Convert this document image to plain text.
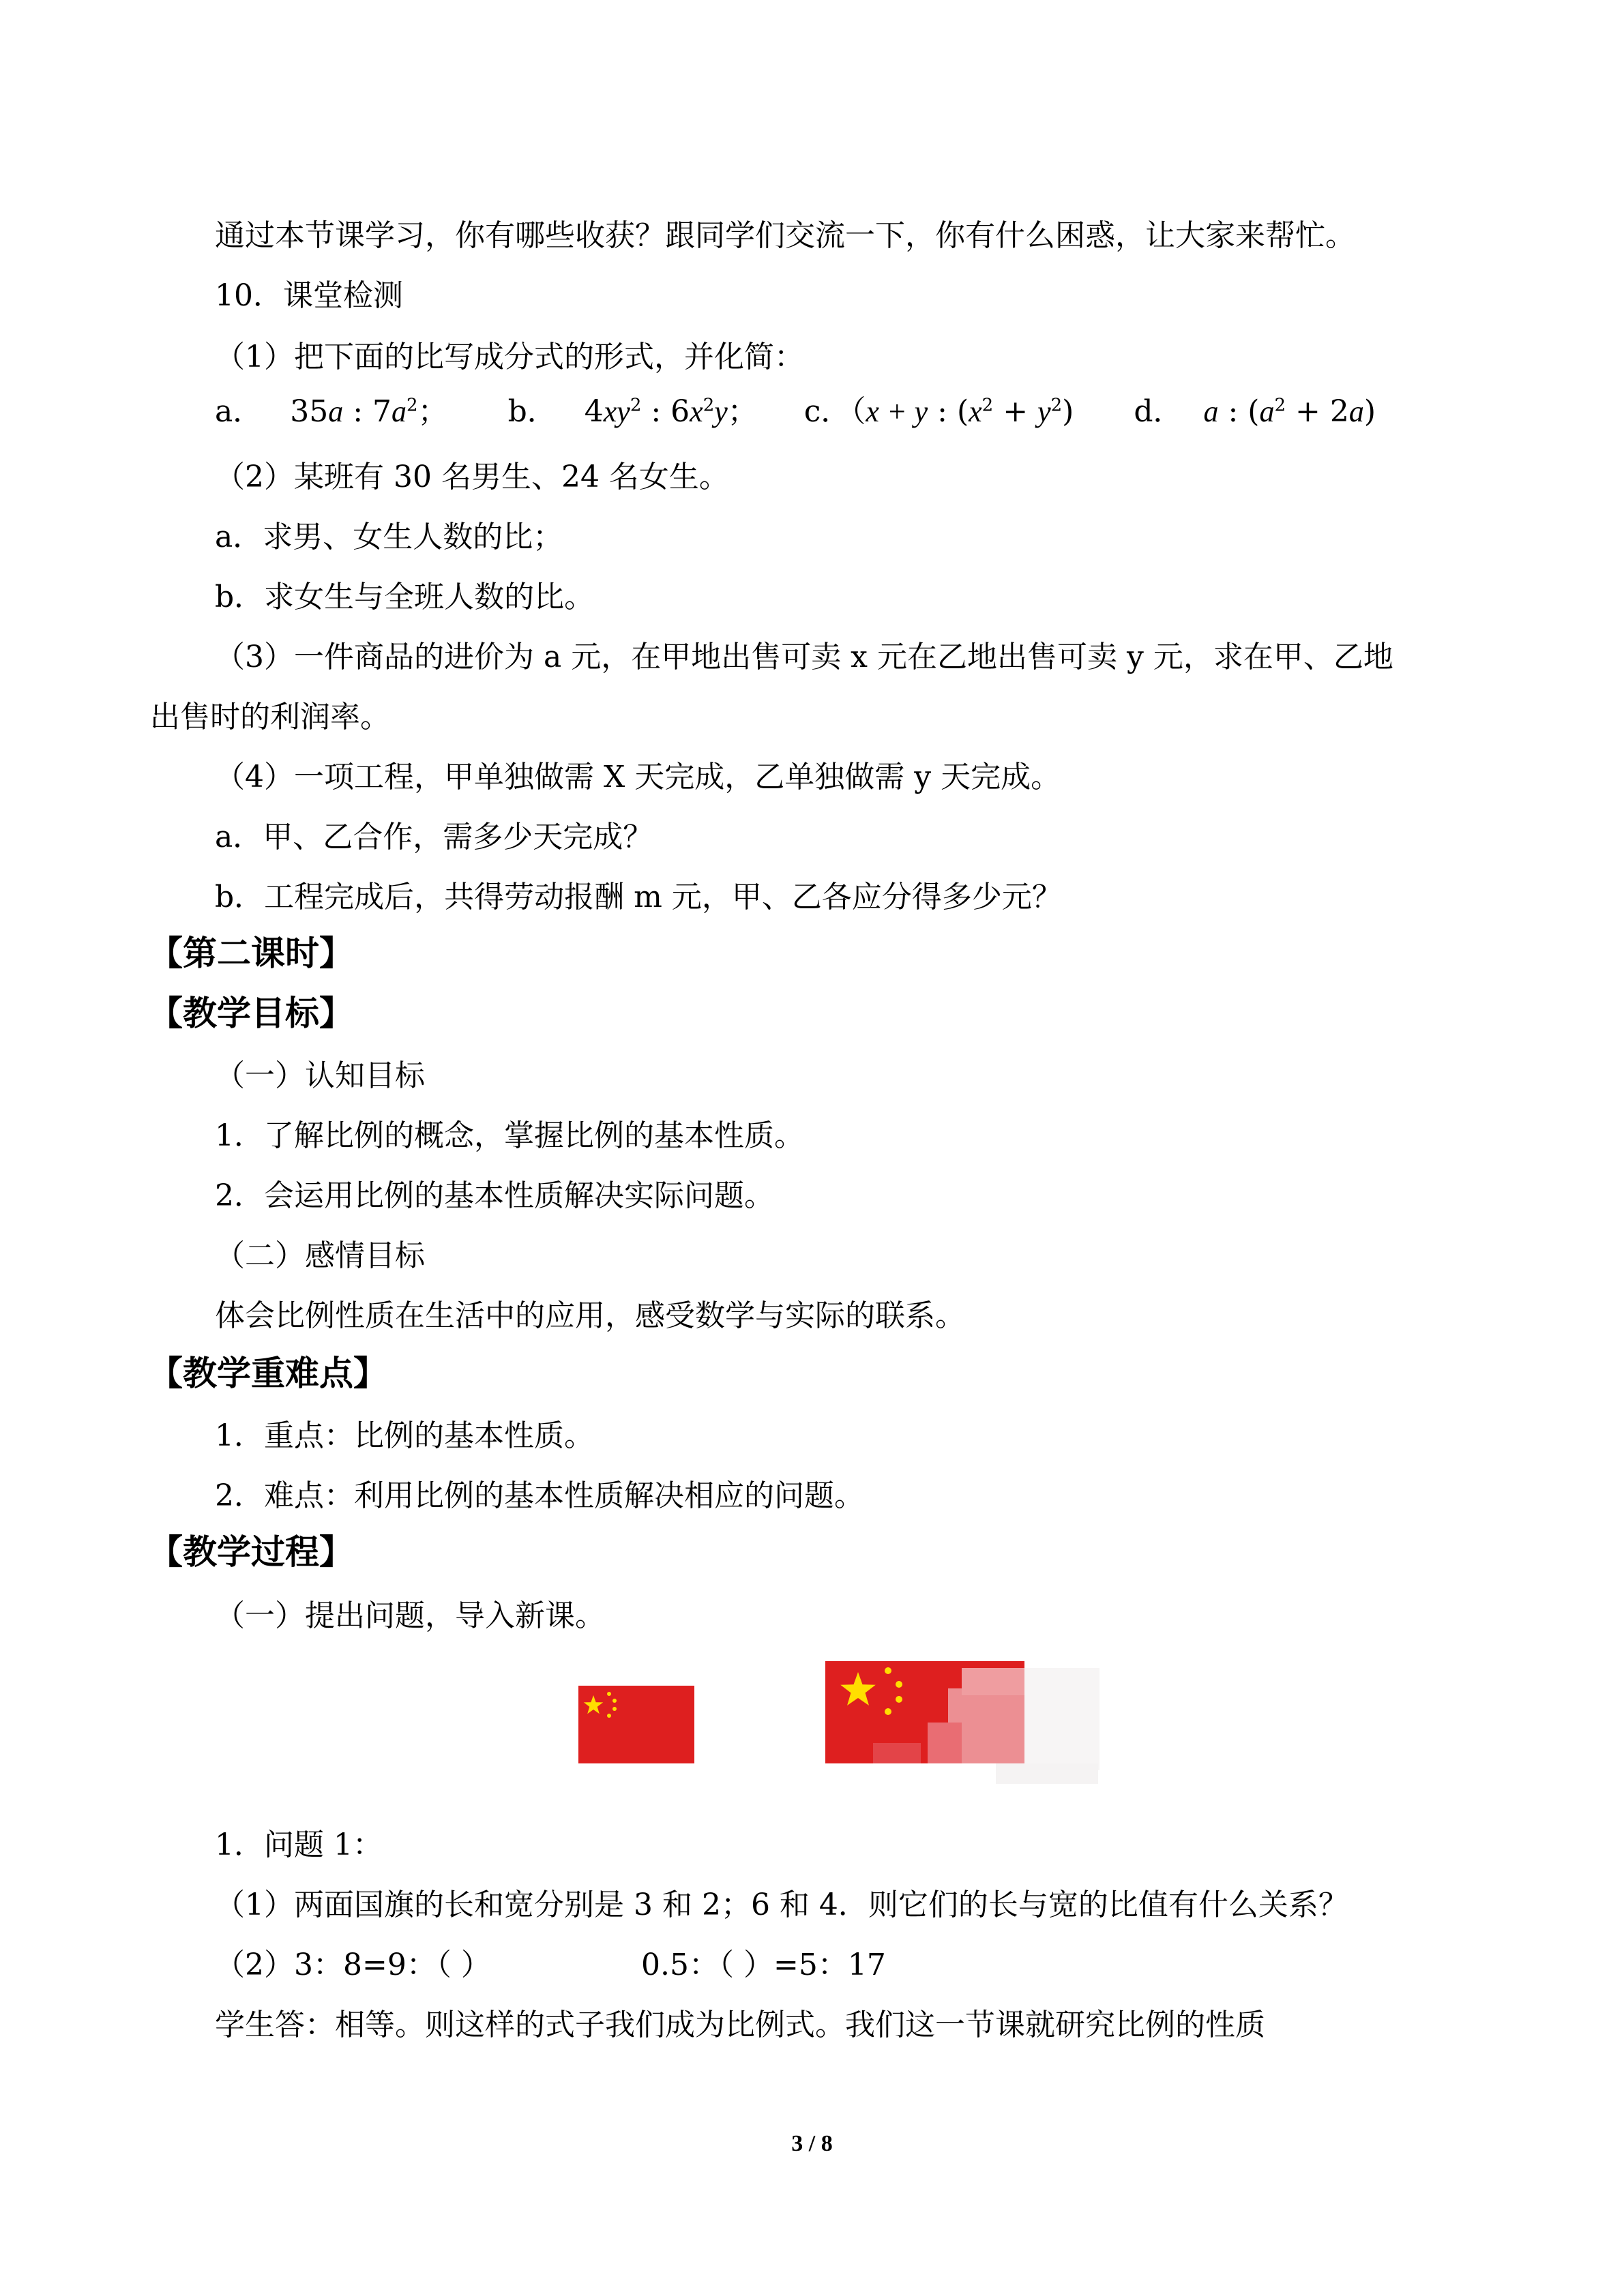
通过本节课学习，你有哪些收获？跟同学们交流一下，你有什么困惑，让大家来帮忙。
10．课堂检测
（1）把下面的比写成分式的形式，并化简：
a． 35a : $7a^2$； b． $4xy^2$ : $6x^2y$； c．（x + y : $(x^2 + y^2)$ d． a : $(a^2 + 2a)$
（2）某班有 30 名男生、24 名女生。
a．求男、女生人数的比；
b．求女生与全班人数的比。
（3）一件商品的进价为 a 元，在甲地出售可卖 x 元在乙地出售可卖 y 元，求在甲、乙地
出售时的利润率。
（4）一项工程，甲单独做需 X 天完成，乙单独做需 y 天完成。
a．甲、乙合作，需多少天完成？
b．工程完成后，共得劳动报酬 m 元，甲、乙各应分得多少元？
【第二课时】
【教学目标】
（一）认知目标
1．了解比例的概念，掌握比例的基本性质。
2．会运用比例的基本性质解决实际问题。
（二）感情目标
体会比例性质在生活中的应用，感受数学与实际的联系。
【教学重难点】
1．重点：比例的基本性质。
2．难点：利用比例的基本性质解决相应的问题。
【教学过程】
（一）提出问题，导入新课。
1．问题 1：
（1）两面国旗的长和宽分别是 3 和 2；6 和 4．则它们的长与宽的比值有什么关系？
（2）3：8=9：（ ）	0.5：（ ）=5：17
学生答：相等。则这样的式子我们成为比例式。我们这一节课就研究比例的性质
3 / 8
